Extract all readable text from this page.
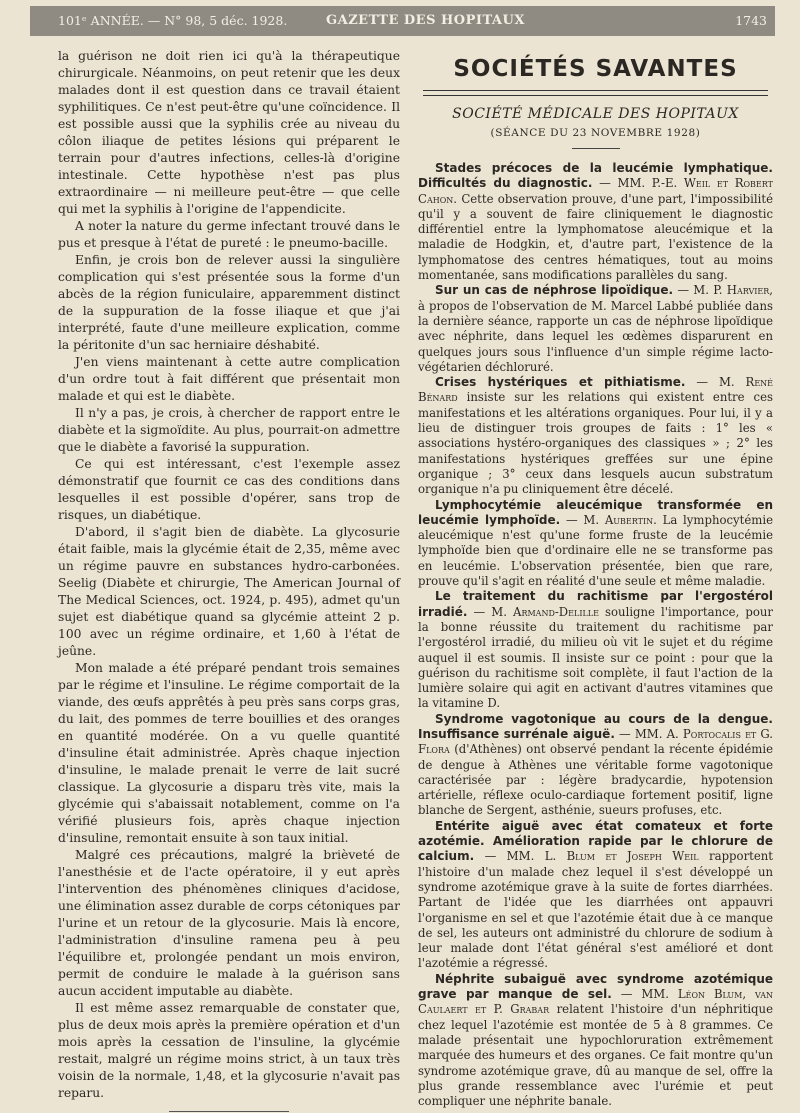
101ᵉ ANNÉE. — N° 98, 5 déc. 1928.	GAZETTE DES HOPITAUX	1743

la guérison ne doit rien ici qu'à la thérapeutique chirurgicale. Néanmoins, on peut retenir que les deux malades dont il est question dans ce travail étaient syphilitiques. Ce n'est peut-être qu'une coïncidence. Il est possible aussi que la syphilis crée au niveau du côlon iliaque de petites lésions qui préparent le terrain pour d'autres infections, celles-là d'origine intestinale. Cette hypothèse n'est pas plus extraordinaire — ni meilleure peut-être — que celle qui met la syphilis à l'origine de l'appendicite.

A noter la nature du germe infectant trouvé dans le pus et presque à l'état de pureté : le pneumo-bacille.

Enfin, je crois bon de relever aussi la singulière complication qui s'est présentée sous la forme d'un abcès de la région funiculaire, apparemment distinct de la suppuration de la fosse iliaque et que j'ai interprété, faute d'une meilleure explication, comme la péritonite d'un sac herniaire déshabité.

J'en viens maintenant à cette autre complication d'un ordre tout à fait différent que présentait mon malade et qui est le diabète.

Il n'y a pas, je crois, à chercher de rapport entre le diabète et la sigmoïdite. Au plus, pourrait-on admettre que le diabète a favorisé la suppuration.

Ce qui est intéressant, c'est l'exemple assez démonstratif que fournit ce cas des conditions dans lesquelles il est possible d'opérer, sans trop de risques, un diabétique.

D'abord, il s'agit bien de diabète. La glycosurie était faible, mais la glycémie était de 2,35, même avec un régime pauvre en substances hydro-carbonées. Seelig (Diabète et chirurgie, The American Journal of The Medical Sciences, oct. 1924, p. 495), admet qu'un sujet est diabétique quand sa glycémie atteint 2 p. 100 avec un régime ordinaire, et 1,60 à l'état de jeûne.

Mon malade a été préparé pendant trois semaines par le régime et l'insuline. Le régime comportait de la viande, des œufs apprêtés à peu près sans corps gras, du lait, des pommes de terre bouillies et des oranges en quantité modérée. On a vu quelle quantité d'insuline était administrée. Après chaque injection d'insuline, le malade prenait le verre de lait sucré classique. La glycosurie a disparu très vite, mais la glycémie qui s'abaissait notablement, comme on l'a vérifié plusieurs fois, après chaque injection d'insuline, remontait ensuite à son taux initial.

Malgré ces précautions, malgré la brièveté de l'anesthésie et de l'acte opératoire, il y eut après l'intervention des phénomènes cliniques d'acidose, une élimination assez durable de corps cétoniques par l'urine et un retour de la glycosurie. Mais là encore, l'administration d'insuline ramena peu à peu l'équilibre et, prolongée pendant un mois environ, permit de conduire le malade à la guérison sans aucun accident imputable au diabète.

Il est même assez remarquable de constater que, plus de deux mois après la première opération et d'un mois après la cessation de l'insuline, la glycémie restait, malgré un régime moins strict, à un taux très voisin de la normale, 1,48, et la glycosurie n'avait pas reparu.

SOCIÉTÉS SAVANTES
SOCIÉTÉ MÉDICALE DES HOPITAUX
(SÉANCE DU 23 NOVEMBRE 1928)

Stades précoces de la leucémie lymphatique. Difficultés du diagnostic. — MM. P.-E. Weil et Robert Cahon. Cette observation prouve, d'une part, l'impossibilité qu'il y a souvent de faire cliniquement le diagnostic différentiel entre la lymphomatose aleucémique et la maladie de Hodgkin, et, d'autre part, l'existence de la lymphomatose des centres hématiques, tout au moins momentanée, sans modifications parallèles du sang.

Sur un cas de néphrose lipoïdique. — M. P. Harvier, à propos de l'observation de M. Marcel Labbé publiée dans la dernière séance, rapporte un cas de néphrose lipoïdique avec néphrite, dans lequel les œdèmes disparurent en quelques jours sous l'influence d'un simple régime lacto-végétarien déchloruré.

Crises hystériques et pithiatisme. — M. René Bénard insiste sur les relations qui existent entre ces manifestations et les altérations organiques. Pour lui, il y a lieu de distinguer trois groupes de faits : 1° les « associations hystéro-organiques des classiques » ; 2° les manifestations hystériques greffées sur une épine organique ; 3° ceux dans lesquels aucun substratum organique n'a pu cliniquement être décelé.

Lymphocytémie aleucémique transformée en leucémie lymphoïde. — M. Aubertin. La lymphocytémie aleucémique n'est qu'une forme fruste de la leucémie lymphoïde bien que d'ordinaire elle ne se transforme pas en leucémie. L'observation présentée, bien que rare, prouve qu'il s'agit en réalité d'une seule et même maladie.

Le traitement du rachitisme par l'ergostérol irradié. — M. Armand-Delille souligne l'importance, pour la bonne réussite du traitement du rachitisme par l'ergostérol irradié, du milieu où vit le sujet et du régime auquel il est soumis. Il insiste sur ce point : pour que la guérison du rachitisme soit complète, il faut l'action de la lumière solaire qui agit en activant d'autres vitamines que la vitamine D.

Syndrome vagotonique au cours de la dengue. Insuffisance surrénale aiguë. — MM. A. Portocalis et G. Flora (d'Athènes) ont observé pendant la récente épidémie de dengue à Athènes une véritable forme vagotonique caractérisée par : légère bradycardie, hypotension artérielle, réflexe oculo-cardiaque fortement positif, ligne blanche de Sergent, asthénie, sueurs profuses, etc.

Entérite aiguë avec état comateux et forte azotémie. Amélioration rapide par le chlorure de calcium. — MM. L. Blum et Joseph Weil rapportent l'histoire d'un malade chez lequel il s'est développé un syndrome azotémique grave à la suite de fortes diarrhées. Partant de l'idée que les diarrhées ont appauvri l'organisme en sel et que l'azotémie était due à ce manque de sel, les auteurs ont administré du chlorure de sodium à leur malade dont l'état général s'est amélioré et dont l'azotémie a régressé.

Néphrite subaiguë avec syndrome azotémique grave par manque de sel. — MM. Léon Blum, van Caulaert et P. Grabar relatent l'histoire d'un néphritique chez lequel l'azotémie est montée de 5 à 8 grammes. Ce malade présentait une hypochloruration extrêmement marquée des humeurs et des organes. Ce fait montre qu'un syndrome azotémique grave, dû au manque de sel, offre la plus grande ressemblance avec l'urémie et peut compliquer une néphrite banale.
